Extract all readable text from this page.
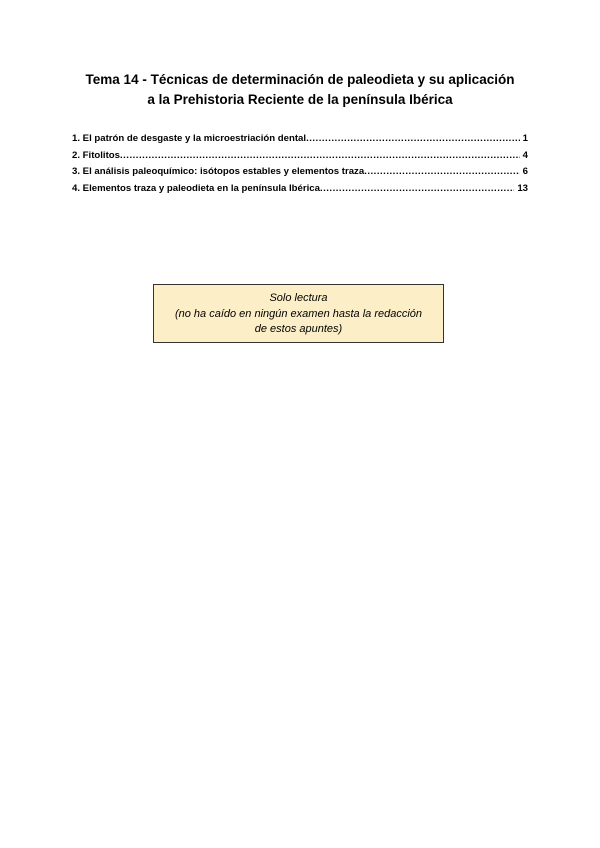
Tema 14 - Técnicas de determinación de paleodieta y su aplicación
a la Prehistoria Reciente de la península Ibérica
1. El patrón de desgaste y la microestriación dental .....	1
2. Fitolitos .....	4
3. El análisis paleoquímico: isótopos estables y elementos traza .....	6
4. Elementos traza y paleodieta en la península Ibérica .....	13
Solo lectura
(no ha caído en ningún examen hasta la redacción
de estos apuntes)
